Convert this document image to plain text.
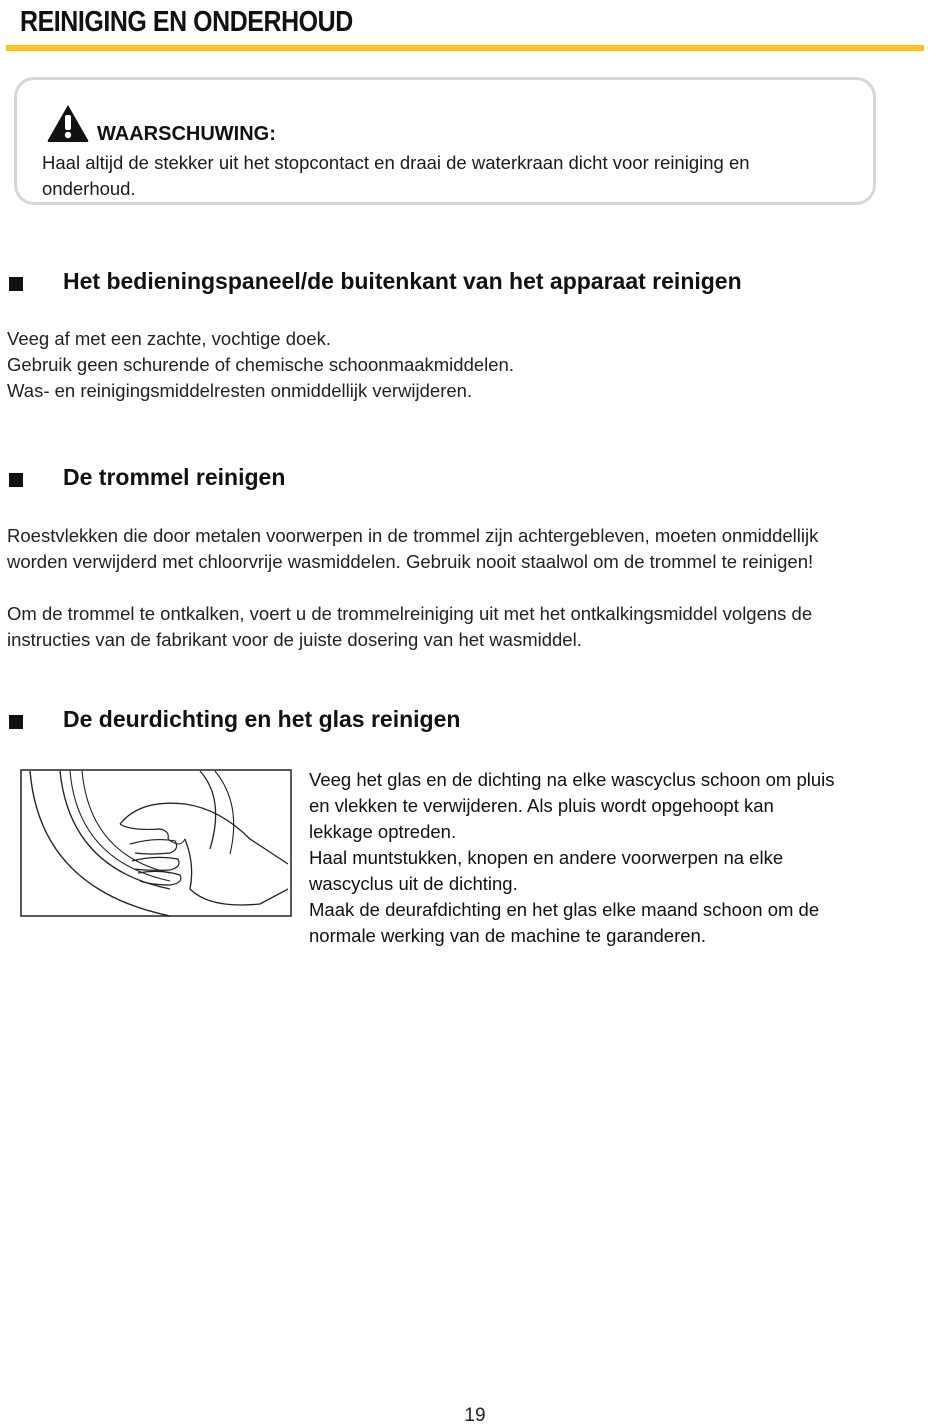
REINIGING EN ONDERHOUD
WAARSCHUWING:
Haal altijd de stekker uit het stopcontact en draai de waterkraan dicht voor reiniging en
onderhoud.
Het bedieningspaneel/de buitenkant van het apparaat reinigen
Veeg af met een zachte, vochtige doek.
Gebruik geen schurende of chemische schoonmaakmiddelen.
Was- en reinigingsmiddelresten onmiddellijk verwijderen.
De trommel reinigen
Roestvlekken die door metalen voorwerpen in de trommel zijn achtergebleven, moeten onmiddellijk
worden verwijderd met chloorvrije wasmiddelen. Gebruik nooit staalwol om de trommel te reinigen!
Om de trommel te ontkalken, voert u de trommelreiniging uit met het ontkalkingsmiddel volgens de
instructies van de fabrikant voor de juiste dosering van het wasmiddel.
De deurdichting en het glas reinigen
Veeg het glas en de dichting na elke wascyclus schoon om pluis
en vlekken te verwijderen. Als pluis wordt opgehoopt kan
lekkage optreden.
Haal muntstukken, knopen en andere voorwerpen na elke
wascyclus uit de dichting.
Maak de deurafdichting en het glas elke maand schoon om de
normale werking van de machine te garanderen.
19
